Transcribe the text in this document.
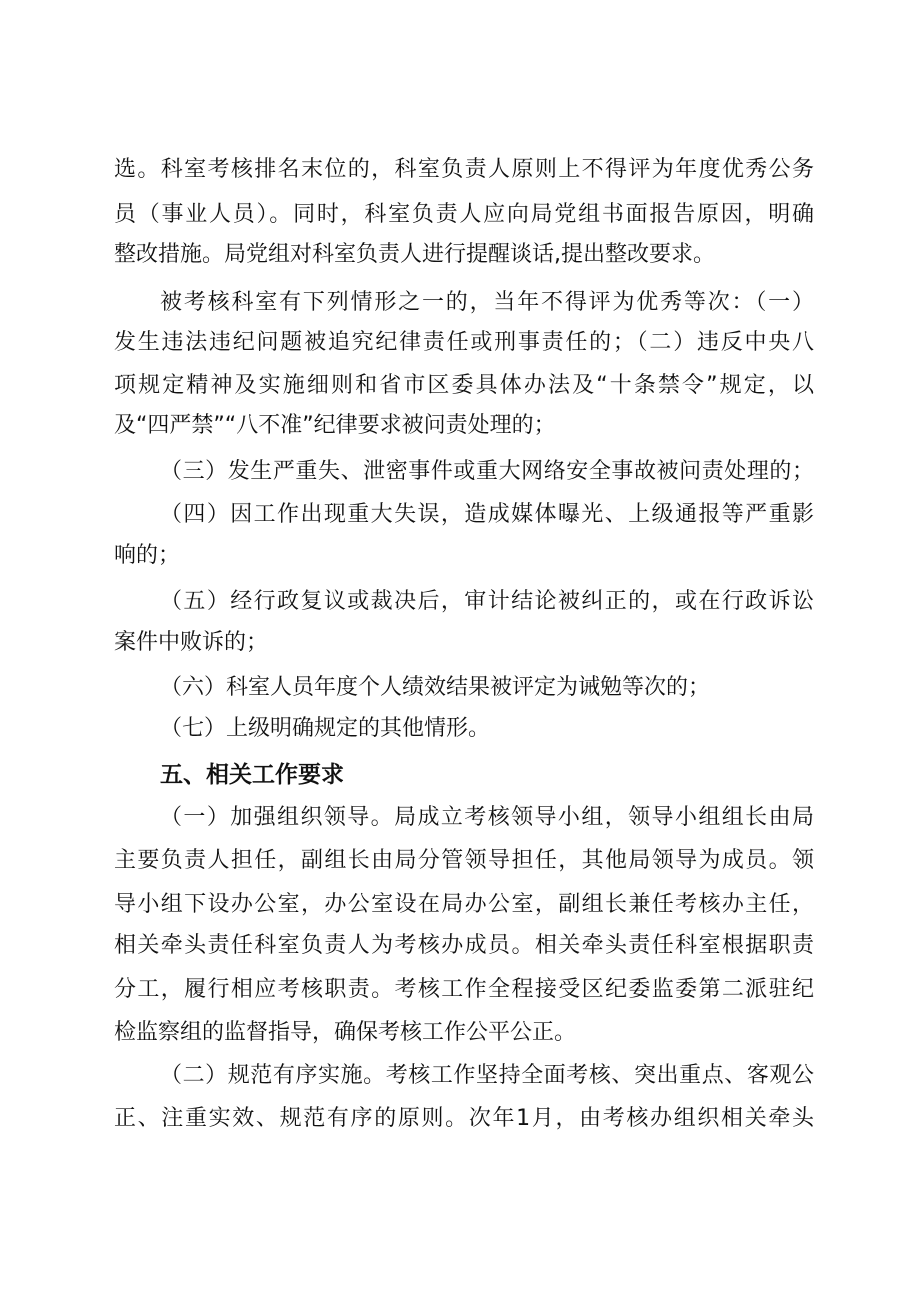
选。科室考核排名末位的，科室负责人原则上不得评为年度优秀公务
员（事业人员）。同时，科室负责人应向局党组书面报告原因，明确
整改措施。局党组对科室负责人进行提醒谈话,提出整改要求。
被考核科室有下列情形之一的，当年不得评为优秀等次：（一）
发生违法违纪问题被追究纪律责任或刑事责任的；（二）违反中央八
项规定精神及实施细则和省市区委具体办法及“十条禁令”规定，以
及“四严禁”“八不准”纪律要求被问责处理的；
（三）发生严重失、泄密事件或重大网络安全事故被问责处理的；
（四）因工作出现重大失误，造成媒体曝光、上级通报等严重影
响的；
（五）经行政复议或裁决后，审计结论被纠正的，或在行政诉讼
案件中败诉的；
（六）科室人员年度个人绩效结果被评定为诫勉等次的；
（七）上级明确规定的其他情形。
五、相关工作要求
（一）加强组织领导。局成立考核领导小组，领导小组组长由局
主要负责人担任，副组长由局分管领导担任，其他局领导为成员。领
导小组下设办公室，办公室设在局办公室，副组长兼任考核办主任，
相关牵头责任科室负责人为考核办成员。相关牵头责任科室根据职责
分工，履行相应考核职责。考核工作全程接受区纪委监委第二派驻纪
检监察组的监督指导，确保考核工作公平公正。
（二）规范有序实施。考核工作坚持全面考核、突出重点、客观公
正、注重实效、规范有序的原则。次年1月，由考核办组织相关牵头
